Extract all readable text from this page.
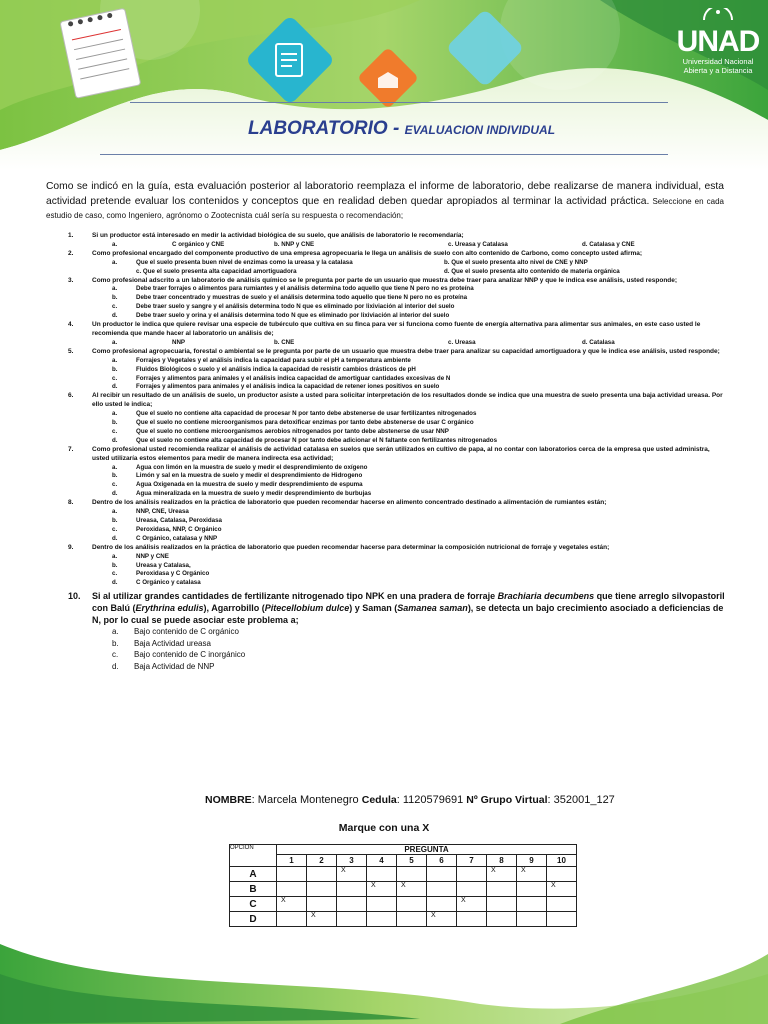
UNAD
Universidad Nacional
Abierta y a Distancia
LABORATORIO - EVALUACION INDIVIDUAL
Como se indicó en la guía, esta evaluación posterior al laboratorio reemplaza el informe de laboratorio, debe realizarse de manera individual, esta actividad pretende evaluar los contenidos y conceptos que en realidad deben quedar apropiados al terminar la actividad práctica. Seleccione en cada estudio de caso, como Ingeniero, agrónomo o Zootecnista cuál sería su respuesta o recomendación;
1.	Si un productor está interesado en medir la actividad biológica de su suelo, que análisis de laboratorio le recomendaría;
a.	C orgánico y CNE	b. NNP y CNE	c. Ureasa y Catalasa	d. Catalasa y CNE
2.	Como profesional encargado del componente productivo de una empresa agropecuaria le llega un análisis de suelo con alto contenido de Carbono, como concepto usted afirma;
a.	Que el suelo presenta buen nivel de enzimas como la ureasa y la catalasa	b. Que el suelo presenta alto nivel de CNE y NNP
c. Que el suelo presenta alta capacidad amortiguadora	d. Que el suelo presenta alto contenido de materia orgánica
3.	Como profesional adscrito a un laboratorio de análisis químico se le pregunta por parte de un usuario que muestra debe traer para analizar NNP y que le indica ese análisis, usted responde;
a.	Debe traer forrajes o alimentos para rumiantes y el análisis determina todo aquello que tiene N pero no es proteína
b.	Debe traer concentrado y muestras de suelo y el análisis determina todo aquello que tiene N pero no es proteína
c.	Debe traer suelo y sangre y el análisis determina todo N que es eliminado por lixiviación al interior del suelo
d.	Debe traer suelo y orina y el análisis determina todo N que es eliminado por lixiviación al interior del suelo
4.	Un productor le indica que quiere revisar una especie de tubérculo que cultiva en su finca para ver si funciona como fuente de energía alternativa para alimentar sus animales, en este caso usted le recomienda que mande hacer al laboratorio un análisis de;
a.	NNP	b. CNE	c. Ureasa	d. Catalasa
5.	Como profesional agropecuaria, forestal o ambiental se le pregunta por parte de un usuario que muestra debe traer para analizar su capacidad amortiguadora y que le indica ese análisis, usted responde;
a.	Forrajes y Vegetales y el análisis indica la capacidad para subir el pH a temperatura ambiente
b.	Fluidos Biológicos o suelo y el análisis indica la capacidad de resistir cambios drásticos de pH
c.	Forrajes y alimentos para animales y el análisis indica capacidad de amortiguar cantidades excesivas de N
d.	Forrajes y alimentos para animales y el análisis indica la capacidad de retener iones positivos en suelo
6.	Al recibir un resultado de un análisis de suelo, un productor asiste a usted para solicitar interpretación de los resultados donde se indica que una muestra de suelo presenta una baja actividad ureasa. Por ello usted le indica;
a.	Que el suelo no contiene alta capacidad de procesar N por tanto debe abstenerse de usar fertilizantes nitrogenados
b.	Que el suelo no contiene microorganismos para detoxificar enzimas por tanto debe abstenerse de usar C orgánico
c.	Que el suelo no contiene microorganismos aerobios nitrogenados por tanto debe abstenerse de usar NNP
d.	Que el suelo no contiene alta capacidad de procesar N por tanto debe adicionar el N faltante con fertilizantes nitrogenados
7.	Como profesional usted recomienda realizar el análisis de actividad catalasa en suelos que serán utilizados en cultivo de papa, al no contar con laboratorios cerca de la empresa que usted administra, usted utilizaría estos elementos para medir de manera indirecta esa actividad;
a.	Agua con limón en la muestra de suelo y medir el desprendimiento de oxígeno
b.	Limón y sal en la muestra de suelo y medir el desprendimiento de Hidrogeno
c.	Agua Oxigenada en la muestra de suelo y medir desprendimiento de espuma
d.	Agua mineralizada en la muestra de suelo y medir desprendimiento de burbujas
8.	Dentro de los análisis realizados en la práctica de laboratorio que pueden recomendar hacerse en alimento concentrado destinado a alimentación de rumiantes están;
a.	NNP, CNE, Ureasa
b.	Ureasa, Catalasa, Peroxidasa
c.	Peroxidasa, NNP, C Orgánico
d.	C Orgánico, catalasa y NNP
9.	Dentro de los análisis realizados en la práctica de laboratorio que pueden recomendar hacerse para determinar la composición nutricional de forraje y vegetales están;
a.	NNP y CNE
b.	Ureasa y Catalasa,
c.	Peroxidasa y C Orgánico
d.	C Orgánico y catalasa
10. Si al utilizar grandes cantidades de fertilizante nitrogenado tipo NPK en una pradera de forraje Brachiaria decumbens que tiene arreglo silvopastoril con Balú (Erythrina edulis), Agarrobillo (Pitecellobium dulce) y Saman (Samanea saman), se detecta un bajo crecimiento asociado a deficiencias de N, por lo cual se puede asociar este problema a;
a. Bajo contenido de C orgánico
b. Baja Actividad ureasa
c. Bajo contenido de C inorgánico
d. Baja Actividad de NNP
NOMBRE: Marcela Montenegro Cedula: 1120579691 Nº Grupo Virtual: 352001_127
Marque con una X
OPCION	PREGUNTA									
	1	2	3	4	5	6	7	8	9	10
A			X					X	X	
B				X	X					X
C	X						X			
D		X				X				
